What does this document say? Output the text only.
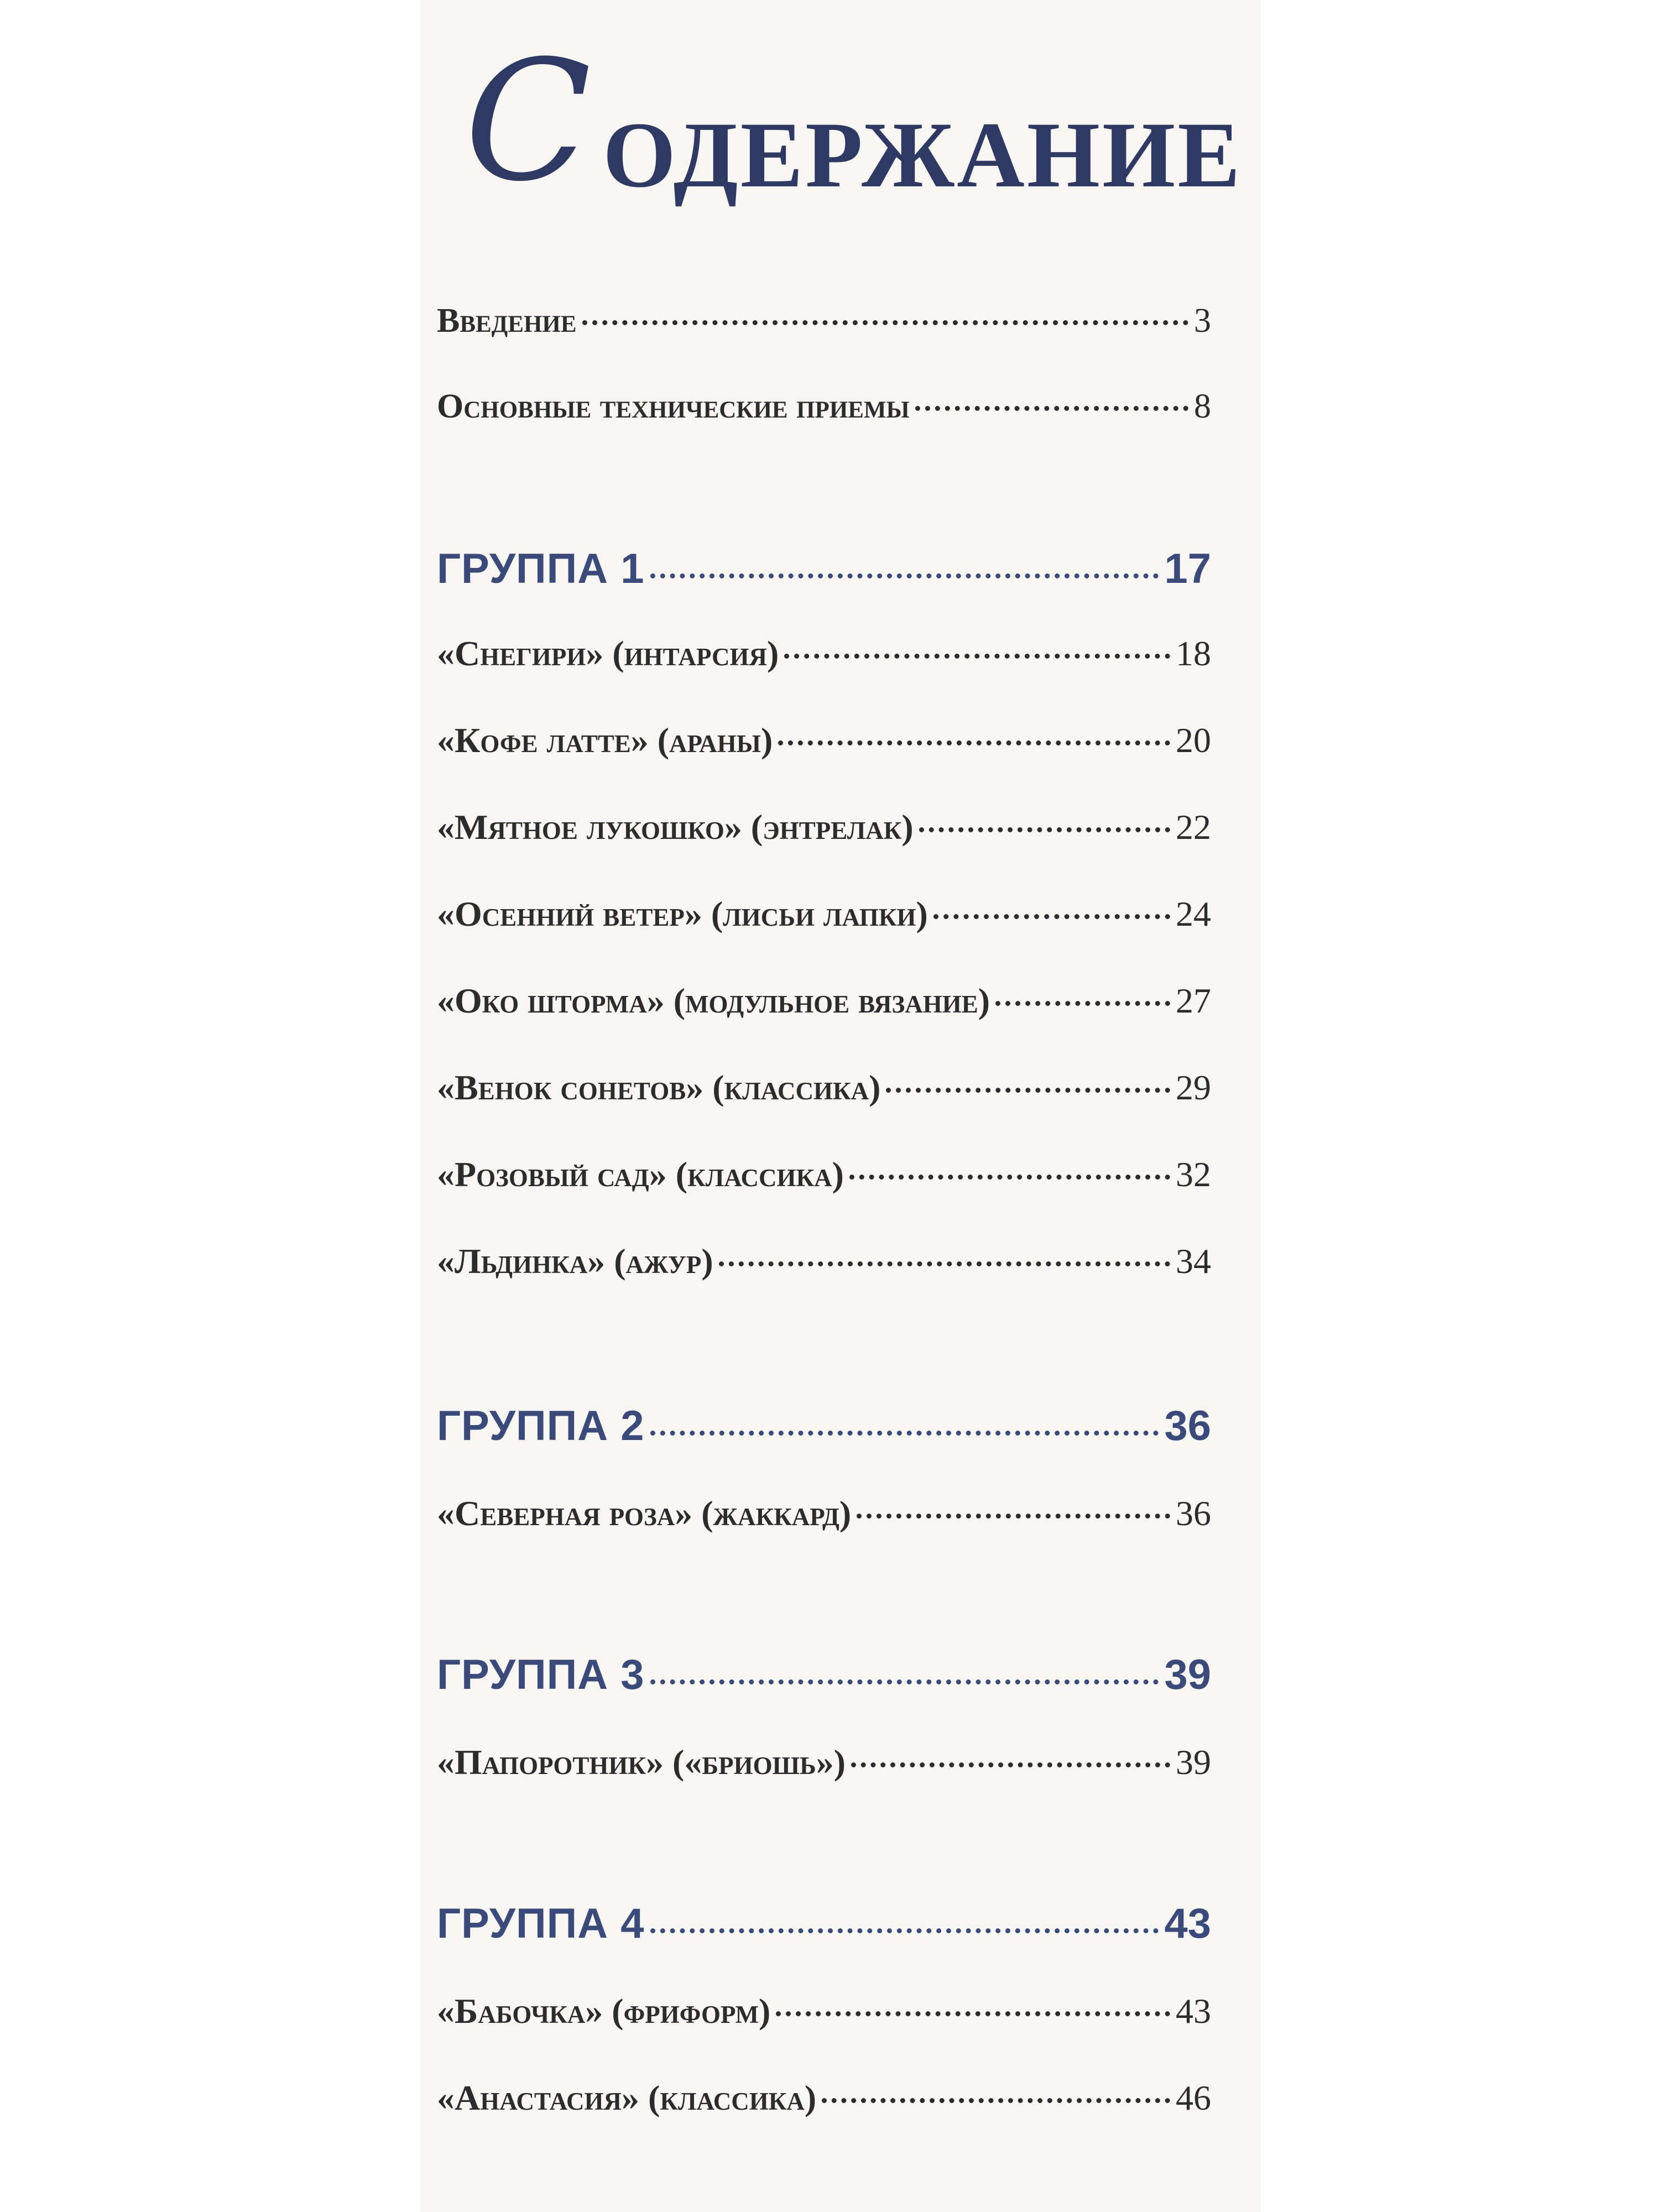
С ОДЕРЖАНИЕ
Введение	3
Основные технические приемы	8
ГРУППА 1	17
«Снегири» (интарсия)	18
«Кофе латте» (араны)	20
«Мятное лукошко» (энтрелак)	22
«Осенний ветер» (лисьи лапки)	24
«Око шторма» (модульное вязание)	27
«Венок сонетов» (классика)	29
«Розовый сад» (классика)	32
«Льдинка» (ажур)	34
ГРУППА 2	36
«Северная роза» (жаккард)	36
ГРУППА 3	39
«Папоротник» («бриошь»)	39
ГРУППА 4	43
«Бабочка» (фриформ)	43
«Анастасия» (классика)	46
